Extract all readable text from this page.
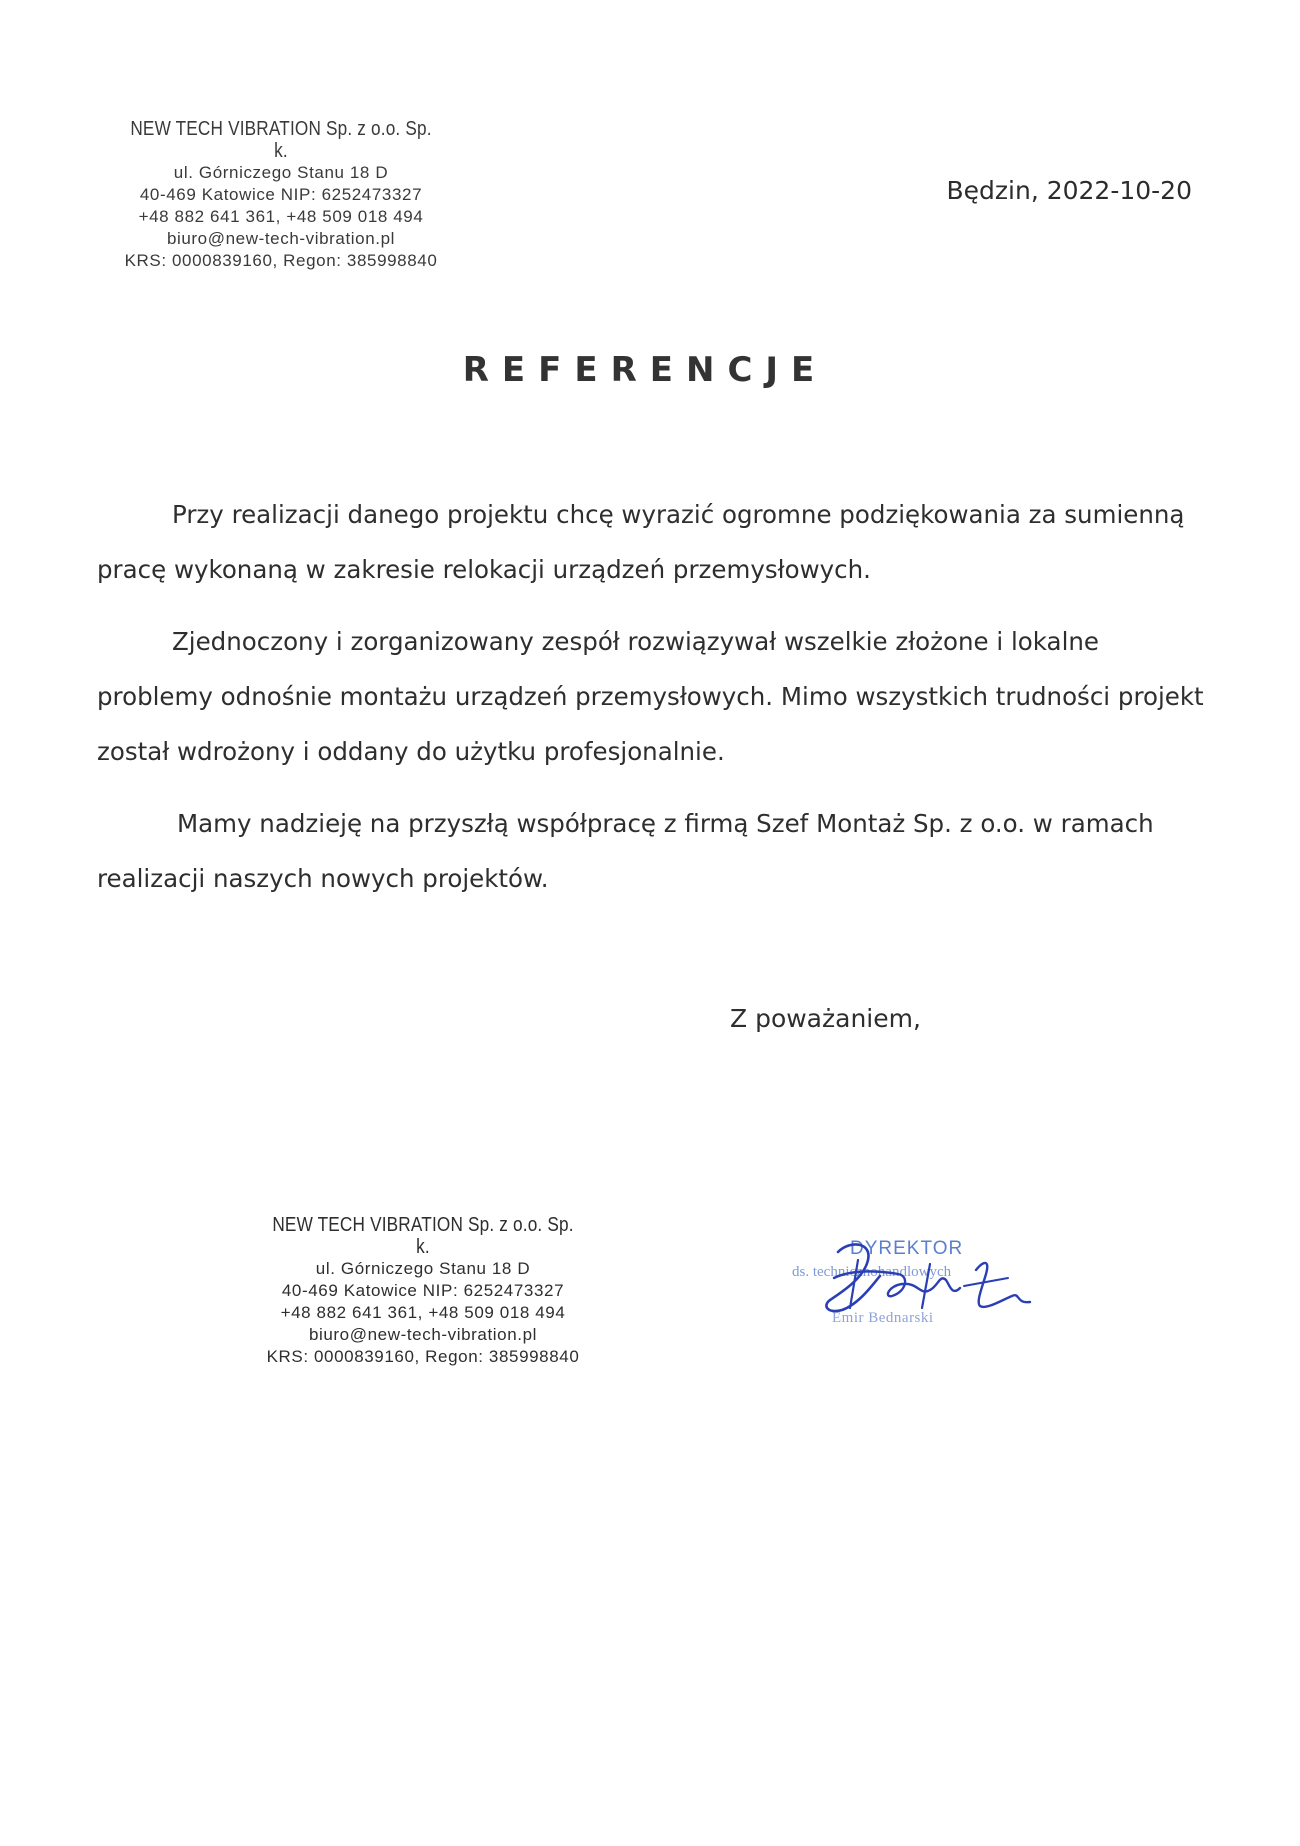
NEW TECH VIBRATION Sp. z o.o. Sp. k.
ul. Górniczego Stanu 18 D
40-469 Katowice NIP: 6252473327
+48 882 641 361, +48 509 018 494
biuro@new-tech-vibration.pl
KRS: 0000839160, Regon: 385998840
Będzin, 2022-10-20
REFERENCJE

Przy realizacji danego projektu chcę wyrazić ogromne podziękowania za sumienną pracę wykonaną w zakresie relokacji urządzeń przemysłowych.

Zjednoczony i zorganizowany zespół rozwiązywał wszelkie złożone i lokalne problemy odnośnie montażu urządzeń przemysłowych. Mimo wszystkich trudności projekt został wdrożony i oddany do użytku profesjonalnie.

Mamy nadzieję na przyszłą współpracę z firmą Szef Montaż Sp. z o.o. w ramach realizacji naszych nowych projektów.

Z poważaniem,
NEW TECH VIBRATION Sp. z o.o. Sp. k.
ul. Górniczego Stanu 18 D
40-469 Katowice NIP: 6252473327
+48 882 641 361, +48 509 018 494
biuro@new-tech-vibration.pl
KRS: 0000839160, Regon: 385998840
DYREKTOR
ds. technicznohandlowych
Emir Bednarski
